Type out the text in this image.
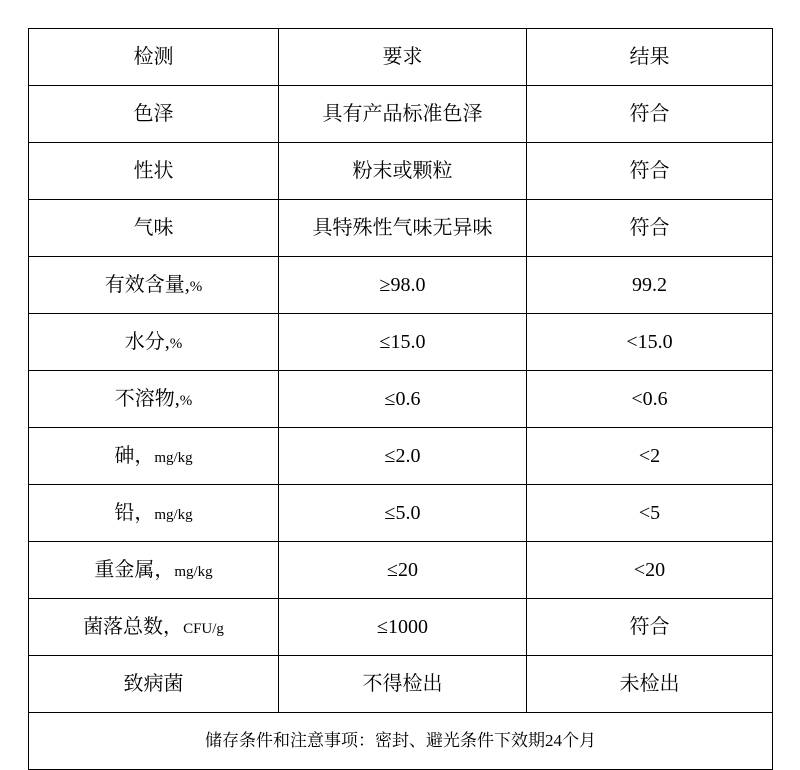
检测	要求	结果

色泽	具有产品标准色泽	符合

性状	粉末或颗粒	符合

气味	具特殊性气味无异味	符合

有效含量,%	≥98.0	99.2

水分,%	≤15.0	<15.0

不溶物,%	≤0.6	<0.6

砷，mg/kg	≤2.0	<2

铅，mg/kg	≤5.0	<5

重金属，mg/kg	≤20	<20

菌落总数，CFU/g	≤1000	符合

致病菌	不得检出	未检出

储存条件和注意事项：密封、避光条件下效期24个月		
